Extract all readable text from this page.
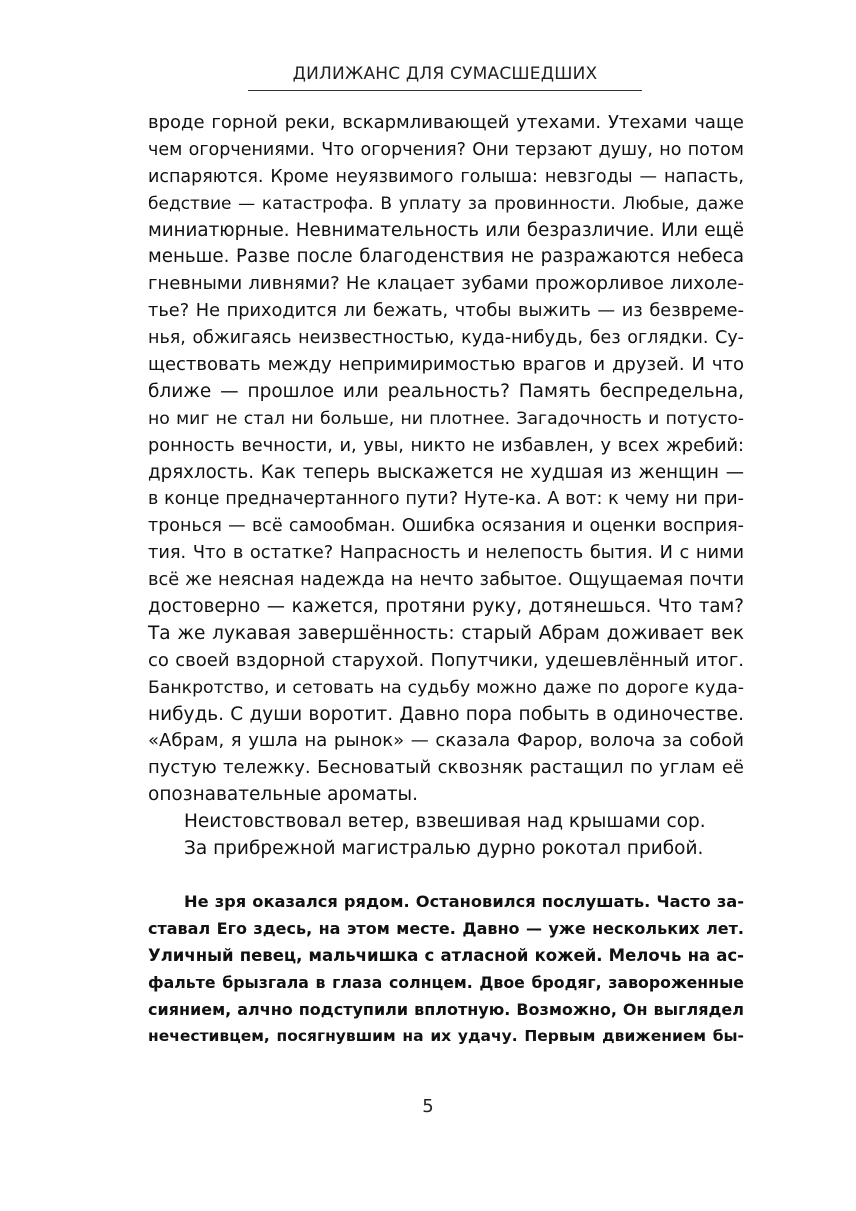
ДИЛИЖАНС ДЛЯ СУМАСШЕДШИХ
вроде горной реки, вскармливающей утехами. Утехами чаще
чем огорчениями. Что огорчения? Они терзают душу, но потом
испаряются. Кроме неуязвимого голыша: невзгоды — напасть,
бедствие — катастрофа. В уплату за провинности. Любые, даже
миниатюрные. Невнимательность или безразличие. Или ещё
меньше. Разве после благоденствия не разражаются небеса
гневными ливнями? Не клацает зубами прожорливое лихоле-
тье? Не приходится ли бежать, чтобы выжить — из безвреме-
нья, обжигаясь неизвестностью, куда-нибудь, без оглядки. Су-
ществовать между непримиримостью врагов и друзей. И что
ближе — прошлое или реальность? Память беспредельна,
но миг не стал ни больше, ни плотнее. Загадочность и потусто-
ронность вечности, и, увы, никто не избавлен, у всех жребий:
дряхлость. Как теперь выскажется не худшая из женщин —
в конце предначертанного пути? Нуте-ка. А вот: к чему ни при-
тронься — всё самообман. Ошибка осязания и оценки восприя-
тия. Что в остатке? Напрасность и нелепость бытия. И с ними
всё же неясная надежда на нечто забытое. Ощущаемая почти
достоверно — кажется, протяни руку, дотянешься. Что там?
Та же лукавая завершённость: старый Абрам доживает век
со своей вздорной старухой. Попутчики, удешевлённый итог.
Банкротство, и сетовать на судьбу можно даже по дороге куда-
нибудь. С души воротит. Давно пора побыть в одиночестве.
«Абрам, я ушла на рынок» — сказала Фарор, волоча за собой
пустую тележку. Бесноватый сквозняк растащил по углам её
опознавательные ароматы.
Неистовствовал ветер, взвешивая над крышами сор.
За прибрежной магистралью дурно рокотал прибой.
Не зря оказался рядом. Остановился послушать. Часто за-
ставал Его здесь, на этом месте. Давно — уже нескольких лет.
Уличный певец, мальчишка с атласной кожей. Мелочь на ас-
фальте брызгала в глаза солнцем. Двое бродяг, завороженные
сиянием, алчно подступили вплотную. Возможно, Он выглядел
нечестивцем, посягнувшим на их удачу. Первым движением бы-
5
